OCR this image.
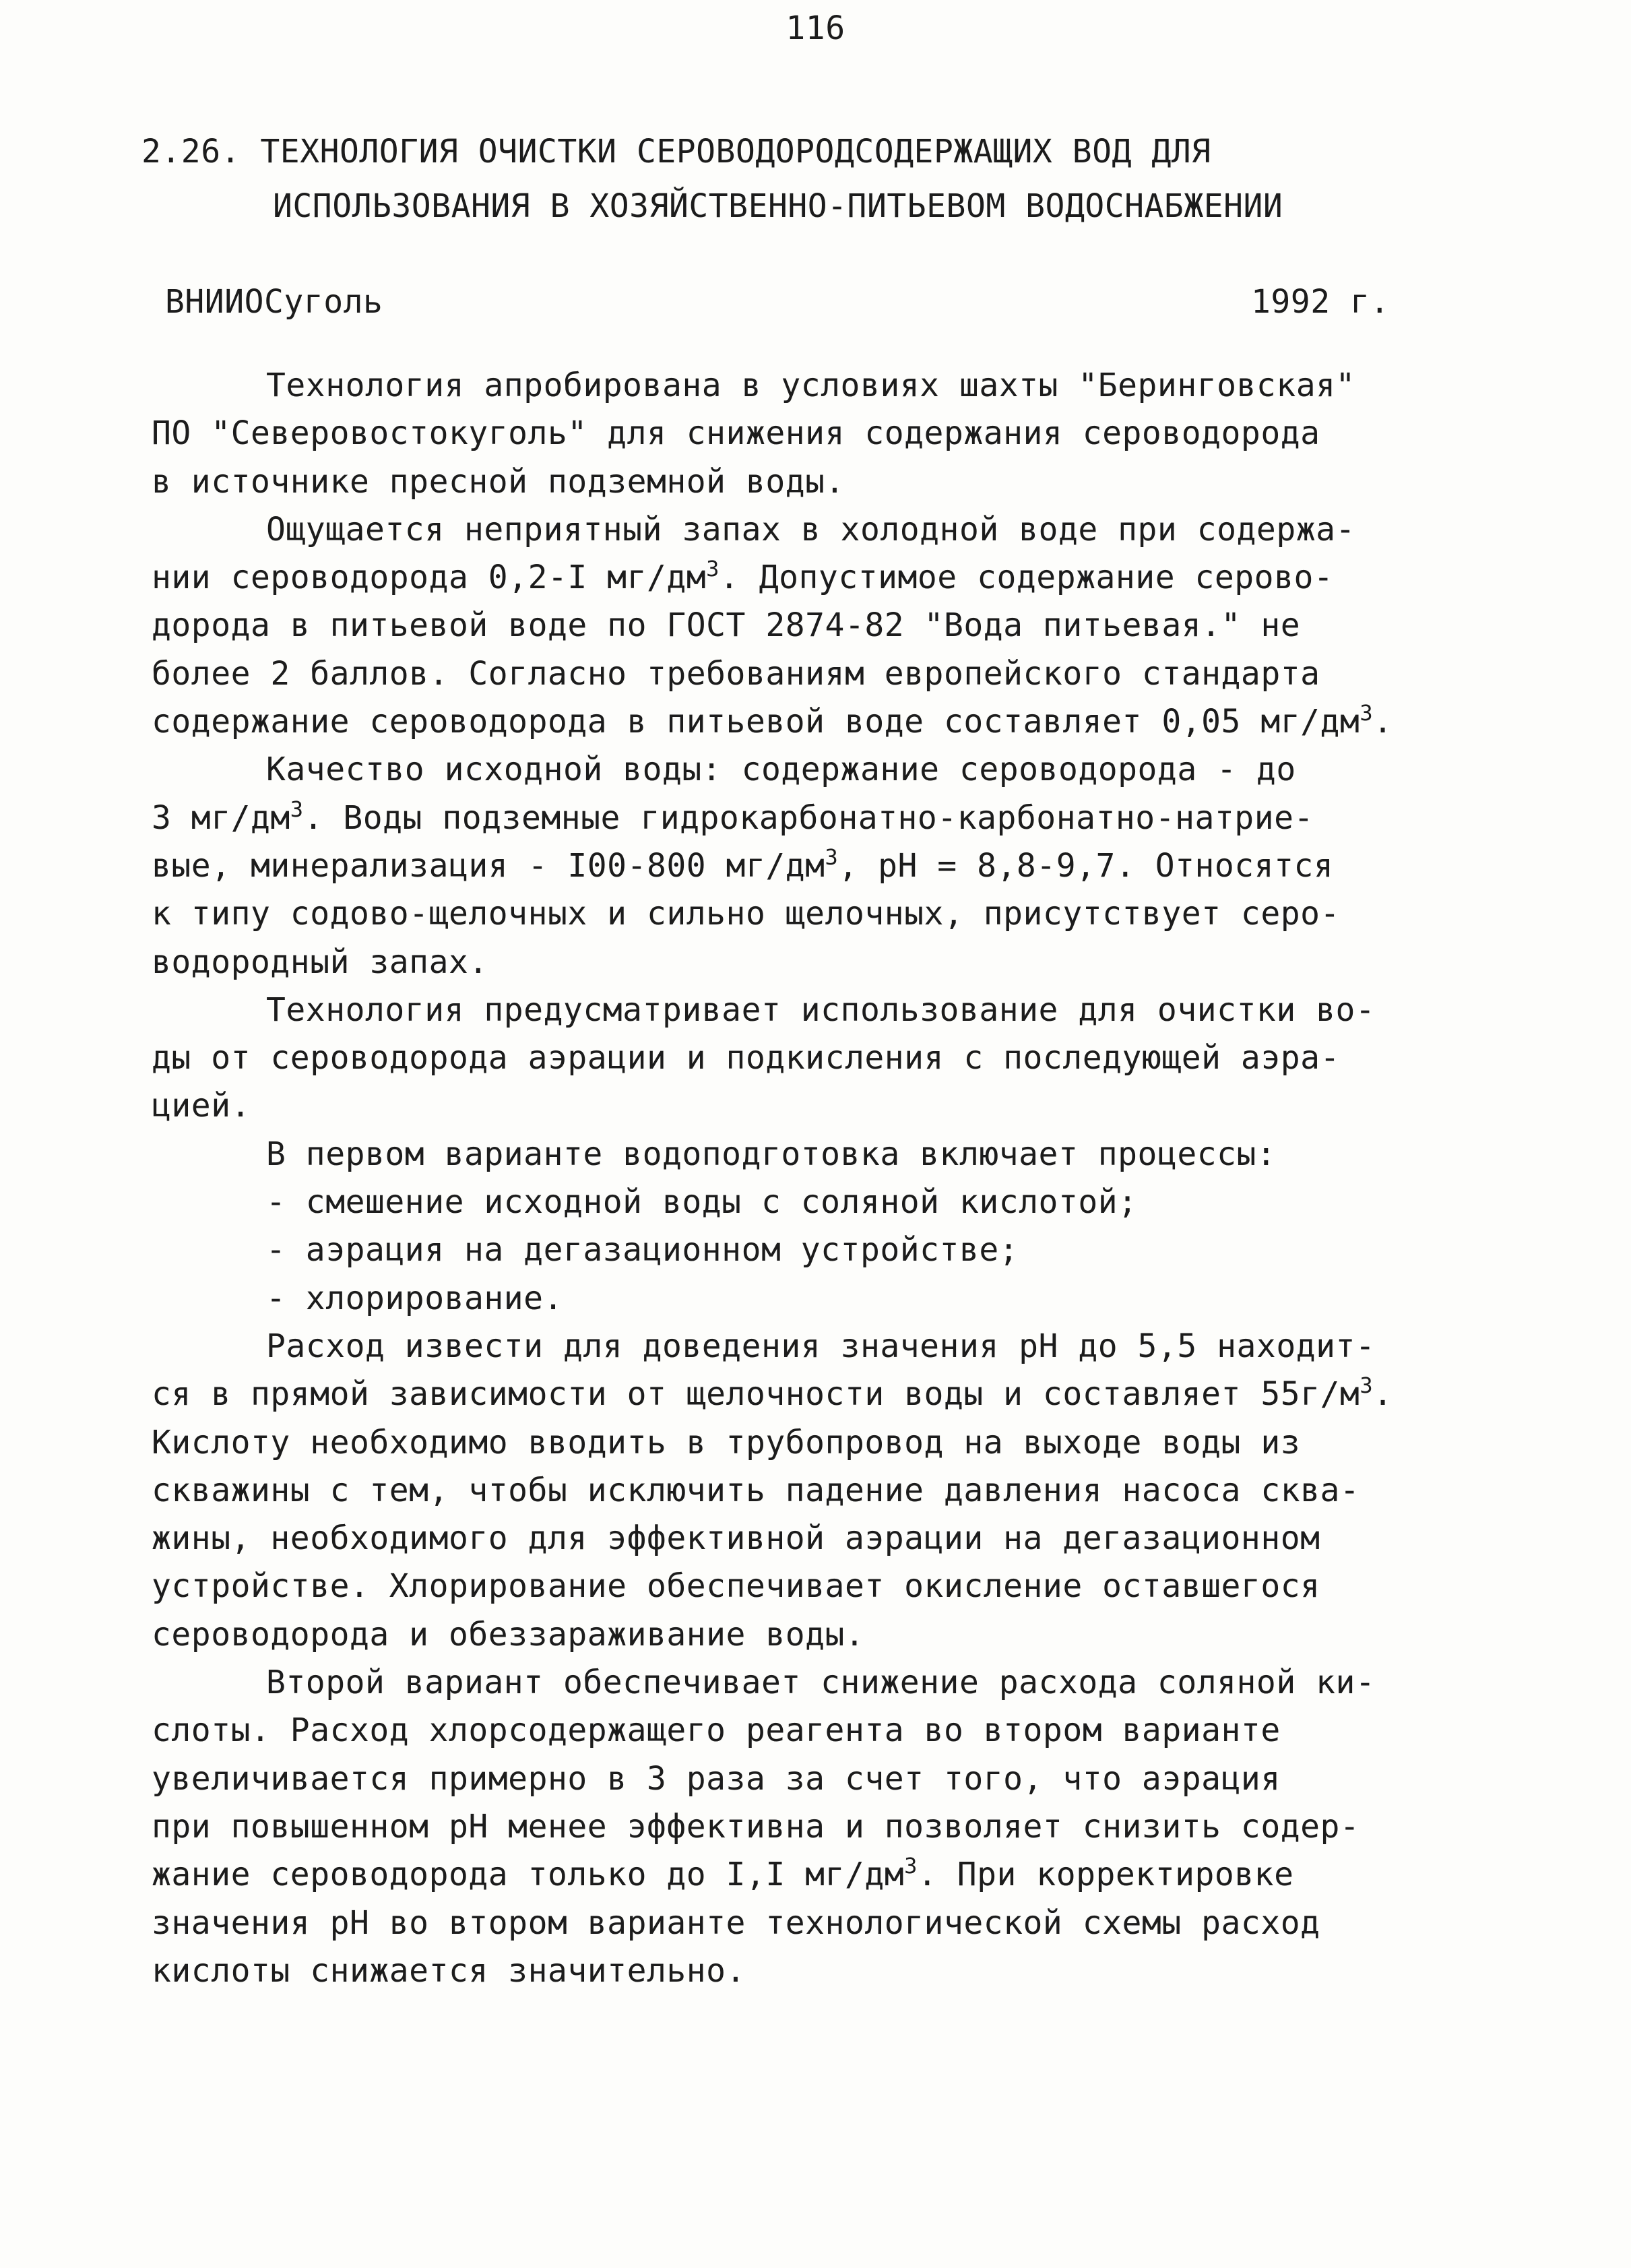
116
2.26. ТЕХНОЛОГИЯ ОЧИСТКИ СЕРОВОДОРОДСОДЕРЖАЩИХ ВОД ДЛЯ
ИСПОЛЬЗОВАНИЯ В ХОЗЯЙСТВЕННО-ПИТЬЕВОМ ВОДОСНАБЖЕНИИ
ВНИИОСуголь	1992 г.
Технология апробирована в условиях шахты "Беринговская"
ПО "Северовостокуголь" для снижения содержания сероводорода
в источнике пресной подземной воды.
Ощущается неприятный запах в холодной воде при содержа-
нии сероводорода 0,2-I $мг/дм^3$. Допустимое содержание серово-
дорода в питьевой воде по ГОСТ 2874-82 "Вода питьевая." не
более 2 баллов. Согласно требованиям европейского стандарта
содержание сероводорода в питьевой воде составляет 0,05 $мг/дм^3$.
Качество исходной воды: содержание сероводорода - до
3 $мг/дм^3$. Воды подземные гидрокарбонатно-карбонатно-натрие-
вые, минерализация - I00-800 $мг/дм^3$, pH = 8,8-9,7. Относятся
к типу содово-щелочных и сильно щелочных, присутствует серо-
водородный запах.
Технология предусматривает использование для очистки во-
ды от сероводорода аэрации и подкисления с последующей аэра-
цией.
В первом варианте водоподготовка включает процессы:
- смешение исходной воды с соляной кислотой;
- аэрация на дегазационном устройстве;
- хлорирование.
Расход извести для доведения значения pH до 5,5 находит-
ся в прямой зависимости от щелочности воды и составляет $55г/м^3$.
Кислоту необходимо вводить в трубопровод на выходе воды из
скважины с тем, чтобы исключить падение давления насоса сква-
жины, необходимого для эффективной аэрации на дегазационном
устройстве. Хлорирование обеспечивает окисление оставшегося
сероводорода и обеззараживание воды.
Второй вариант обеспечивает снижение расхода соляной ки-
слоты. Расход хлорсодержащего реагента во втором варианте
увеличивается примерно в 3 раза за счет того, что аэрация
при повышенном pH менее эффективна и позволяет снизить содер-
жание сероводорода только до I,I $мг/дм^3$. При корректировке
значения pH во втором варианте технологической схемы расход
кислоты снижается значительно.
